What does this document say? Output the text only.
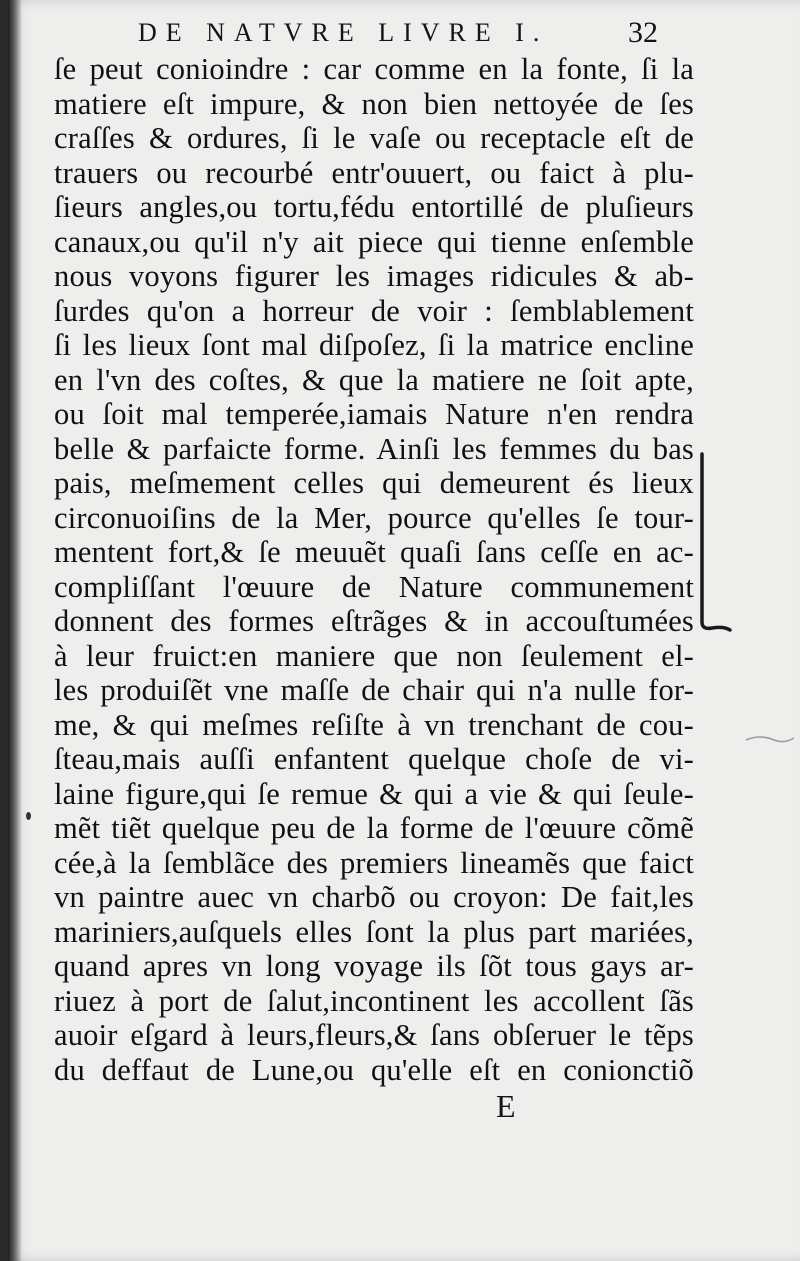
DE NATVRE LIVRE I.	32
ſe peut conioindre : car comme en la fonte, ſi la
matiere eſt impure, & non bien nettoyée de ſes
craſſes & ordures, ſi le vaſe ou receptacle eſt de
trauers ou recourbé entr'ouuert, ou faict à plu-
ſieurs angles,ou tortu,fédu entortillé de pluſieurs
canaux,ou qu'il n'y ait piece qui tienne enſemble
nous voyons figurer les images ridicules & ab-
ſurdes qu'on a horreur de voir : ſemblablement
ſi les lieux ſont mal diſpoſez, ſi la matrice encline
en l'vn des coſtes, & que la matiere ne ſoit apte,
ou ſoit mal temperée,iamais Nature n'en rendra
belle & parfaicte forme. Ainſi les femmes du bas
pais, meſmement celles qui demeurent és lieux
circonuoiſins de la Mer, pource qu'elles ſe tour-
mentent fort,& ſe meuuẽt quaſi ſans ceſſe en ac-
compliſſant l'œuure de Nature communement
donnent des formes eſtrãges & in accouſtumées
à leur fruict:en maniere que non ſeulement el-
les produiſẽt vne maſſe de chair qui n'a nulle for-
me, & qui meſmes reſiſte à vn trenchant de cou-
ſteau,mais auſſi enfantent quelque choſe de vi-
laine figure,qui ſe remue & qui a vie & qui ſeule-
mẽt tiẽt quelque peu de la forme de l'œuure cõmẽ
cée,à la ſemblãce des premiers lineamẽs que faict
vn paintre auec vn charbõ ou croyon: De fait,les
mariniers,auſquels elles ſont la plus part mariées,
quand apres vn long voyage ils ſõt tous gays ar-
riuez à port de ſalut,incontinent les accollent ſãs
auoir eſgard à leurs,fleurs,& ſans obſeruer le tẽps
du deffaut de Lune,ou qu'elle eſt en conionctiõ
E
